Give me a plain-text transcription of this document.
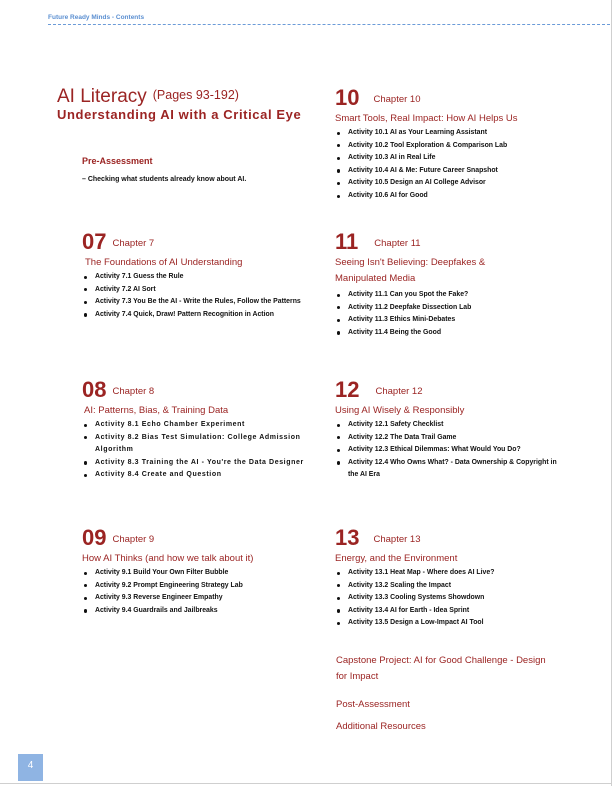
Future Ready Minds - Contents
AI Literacy (Pages 93-192)
Understanding AI with a Critical Eye
Pre-Assessment
– Checking what students already know about AI.
07 Chapter 7
The Foundations of AI Understanding
Activity 7.1 Guess the Rule
Activity 7.2 AI Sort
Activity 7.3 You Be the AI - Write the Rules, Follow the Patterns
Activity 7.4 Quick, Draw! Pattern Recognition in Action
08 Chapter 8
AI: Patterns, Bias, & Training Data
Activity 8.1 Echo Chamber Experiment
Activity 8.2 Bias Test Simulation: College Admission Algorithm
Activity 8.3 Training the AI - You're the Data Designer
Activity 8.4 Create and Question
09 Chapter 9
How AI Thinks (and how we talk about it)
Activity 9.1 Build Your Own Filter Bubble
Activity 9.2 Prompt Engineering Strategy Lab
Activity 9.3 Reverse Engineer Empathy
Activity 9.4 Guardrails and Jailbreaks
10 Chapter 10
Smart Tools, Real Impact: How AI Helps Us
Activity 10.1 AI as Your Learning Assistant
Activity 10.2 Tool Exploration & Comparison Lab
Activity 10.3 AI in Real Life
Activity 10.4 AI & Me: Future Career Snapshot
Activity 10.5 Design an AI College Advisor
Activity 10.6 AI for Good
11 Chapter 11
Seeing Isn't Believing: Deepfakes & Manipulated Media
Activity 11.1 Can you Spot the Fake?
Activity 11.2 Deepfake Dissection Lab
Activity 11.3 Ethics Mini-Debates
Activity 11.4 Being the Good
12 Chapter 12
Using AI Wisely & Responsibly
Activity 12.1 Safety Checklist
Activity 12.2 The Data Trail Game
Activity 12.3 Ethical Dilemmas: What Would You Do?
Activity 12.4 Who Owns What? - Data Ownership & Copyright in the AI Era
13 Chapter 13
Energy, and the Environment
Activity 13.1 Heat Map - Where does AI Live?
Activity 13.2 Scaling the Impact
Activity 13.3 Cooling Systems Showdown
Activity 13.4 AI for Earth - Idea Sprint
Activity 13.5 Design a Low-Impact AI Tool
Capstone Project: AI for Good Challenge - Design for Impact
Post-Assessment
Additional Resources
4
